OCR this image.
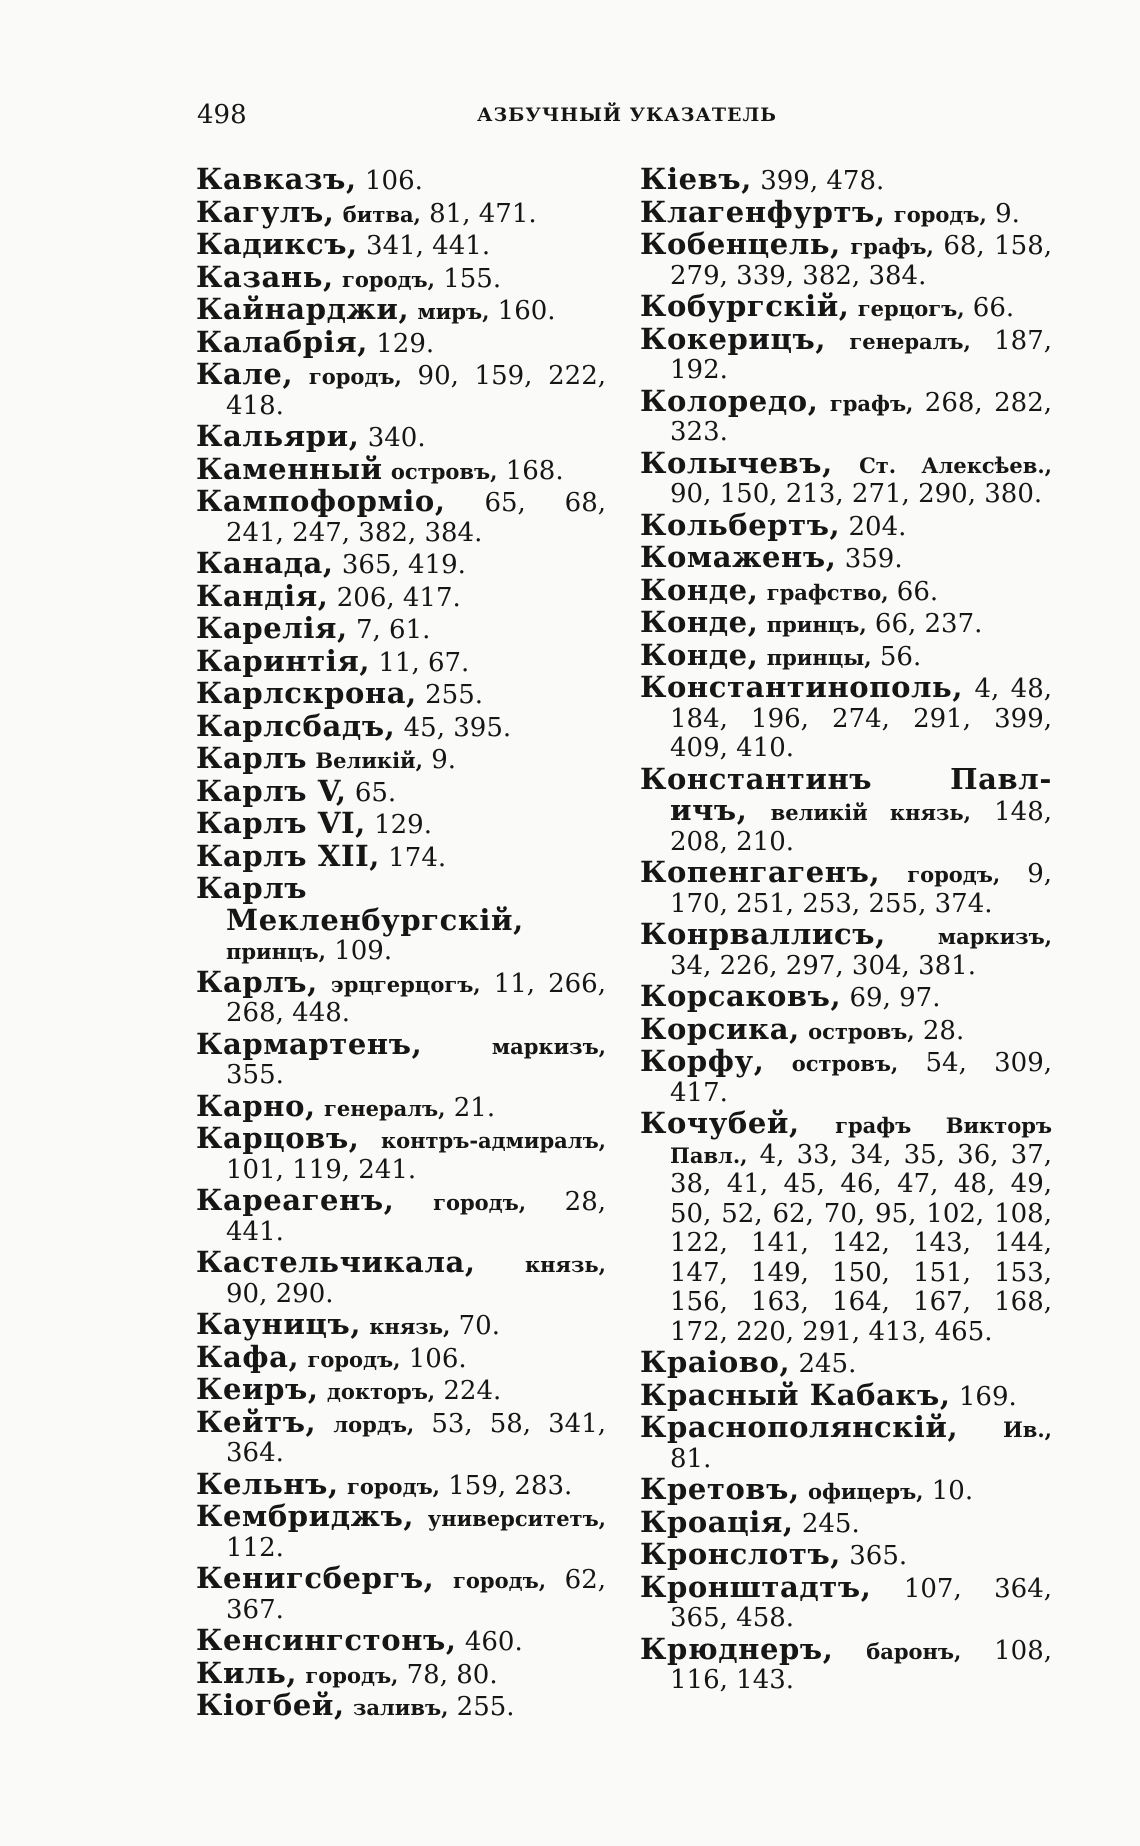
498	АЗБУЧНЫЙ УКАЗАТЕЛЬ
Кавказъ, 106.
Кагулъ, битва, 81, 471.
Кадиксъ, 341, 441.
Казань, городъ, 155.
Кайнарджи, миръ, 160.
Калабрія, 129.
Кале, городъ, 90, 159, 222, 418.
Кальяри, 340.
Каменный островъ, 168.
Кампоформіо, 65, 68, 241, 247, 382, 384.
Канада, 365, 419.
Кандія, 206, 417.
Карелія, 7, 61.
Каринтія, 11, 67.
Карлскрона, 255.
Карлсбадъ, 45, 395.
Карлъ Великій, 9.
Карлъ V, 65.
Карлъ VI, 129.
Карлъ XII, 174.
Карлъ Мекленбургскій, принцъ, 109.
Карлъ, эрцгерцогъ, 11, 266, 268, 448.
Кармартенъ,	маркизъ, 355.
Карно, генералъ, 21.
Карцовъ, контръ-адмиралъ, 101, 119, 241.
Кареагенъ, городъ, 28, 441.
Кастельчикала, князь, 90, 290.
Кауницъ, князь, 70.
Кафа, городъ, 106.
Кеиръ, докторъ, 224.
Кейтъ, лордъ, 53, 58, 341, 364.
Кельнъ, городъ, 159, 283.
Кембриджъ, университетъ, 112.
Кенигсбергъ, городъ, 62, 367.
Кенсингстонъ, 460.
Киль, городъ, 78, 80.
Кіогбей, заливъ, 255.
Кіевъ, 399, 478.
Клагенфуртъ, городъ, 9.
Кобенцель, графъ, 68, 158, 279, 339, 382, 384.
Кобургскій, герцогъ, 66.
Кокерицъ, генералъ, 187, 192.
Колоредо, графъ, 268, 282, 323.
Колычевъ, Ст. Алексѣев., 90, 150, 213, 271, 290, 380.
Кольбертъ, 204.
Комаженъ, 359.
Конде, графство, 66.
Конде, принцъ, 66, 237.
Конде, принцы, 56.
Константинополь, 4, 48, 184, 196, 274, 291, 399, 409, 410.
Константинъ Павл-ичъ, великій князь, 148, 208, 210.
Копенгагенъ, городъ, 9, 170, 251, 253, 255, 374.
Конрваллисъ, маркизъ, 34, 226, 297, 304, 381.
Корсаковъ, 69, 97.
Корсика, островъ, 28.
Корфу, островъ, 54, 309, 417.
Кочубей, графъ Викторъ Павл., 4, 33, 34, 35, 36, 37, 38, 41, 45, 46, 47, 48, 49, 50, 52, 62, 70, 95, 102, 108, 122, 141, 142, 143, 144, 147, 149, 150, 151, 153, 156, 163, 164, 167, 168, 172, 220, 291, 413, 465.
Краіово, 245.
Красный Кабакъ, 169.
Краснополянскій, Ив., 81.
Кретовъ, офицеръ, 10.
Кроація, 245.
Кронслотъ, 365.
Кронштадтъ, 107, 364, 365, 458.
Крюднеръ, баронъ, 108, 116, 143.
